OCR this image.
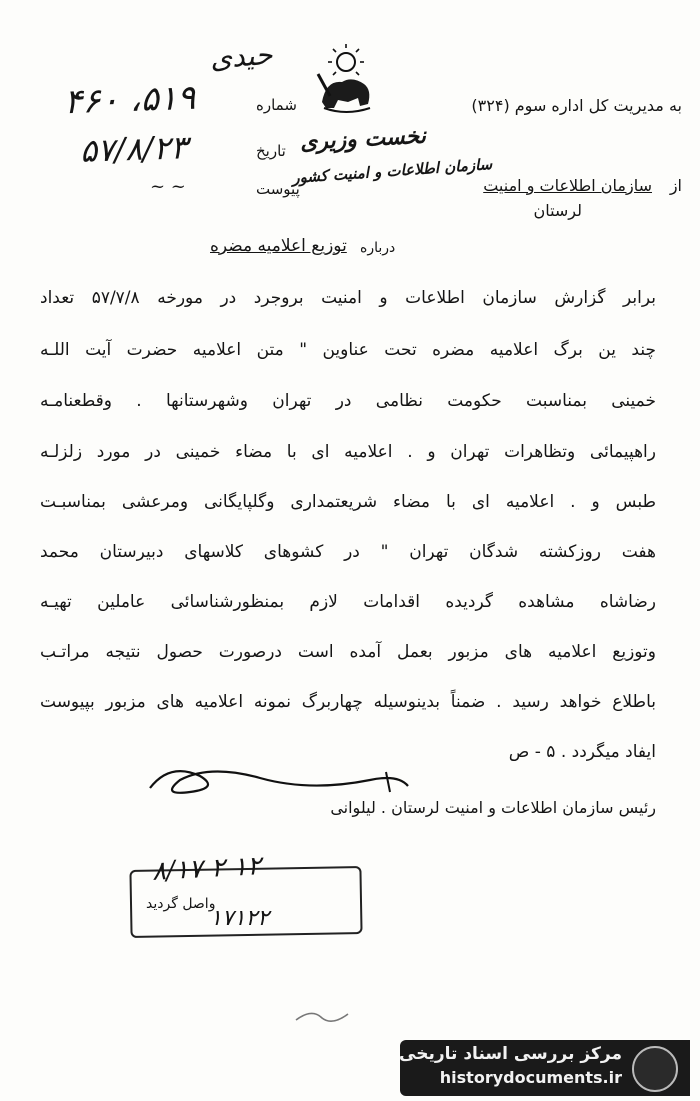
حیدی
به مدیریت کل اداره سوم (۳۲۴)
نخست وزیری
سازمان اطلاعات و امنیت کشور	از
سازمان اطلاعات و امنیت
لرستان
شماره
۵۱۹، ۴۶۰
تاریخ
۵۷/۸/۲۳
پیوست
~ ~
درباره
توزیع اعلامیه مضره
برابر گزارش سازمان اطلاعات و امنیت بروجرد در مورخه ۵۷/۷/۸ تعداد
چند ین برگ اعلامیه مضره تحت عناوین " متن اعلامیه حضرت آیت اللـه
خمینی بمناسبت حکومت نظامی در تهران وشهرستانها . وقطعنامـه
راهپیمائی وتظاهرات تهران و . اعلامیه ای با مضاء خمینی در مورد زلزلـه
طبس و . اعلامیه ای با مضاء شریعتمداری وگلپایگانی ومرعشی بمناسبـت
هفت روزکشته شدگان تهران " در کشوهای کلاسهای دبیرستان محمد
رضاشاه مشاهده گردیده اقدامات لازم بمنظورشناسائی عاملین تهیـه
وتوزیع اعلامیه های مزبور بعمل آمده است درصورت حصول نتیجه مراتـب
باطلاع خواهد رسید . ضمناً بدینوسیله چهاربرگ نمونه اعلامیه های مزبور بپیوست
ایفاد میگردد . ۵ - ص
رئیس سازمان اطلاعات و امنیت لرستان . لیلوانی
۱۲ ۲ ۸/۱۷
واصل گردید
۱۷۱۲۲
مرکز بررسی اسناد تاریخی
historydocuments.ir
